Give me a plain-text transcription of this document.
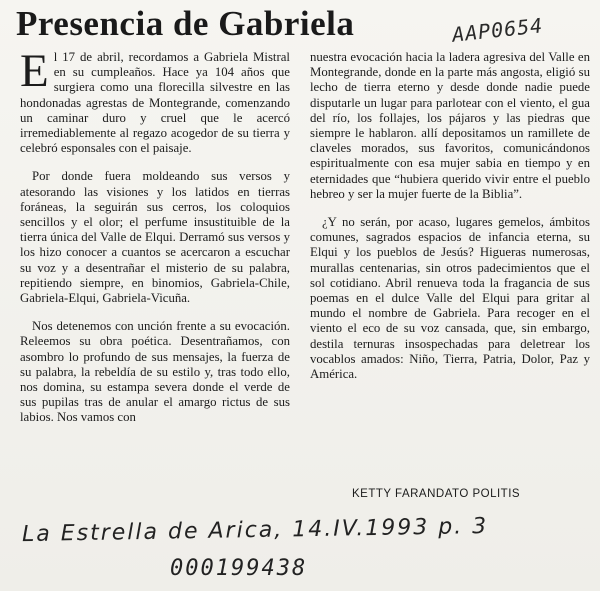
Presencia de Gabriela	AAP0654

El 17 de abril, recordamos a Gabriela Mistral en su cumpleaños. Hace ya 104 años que surgiera como una florecilla silvestre en las hondonadas agrestas de Montegrande, comenzando un caminar duro y cruel que le acercó irremediablemente al regazo acogedor de su tierra y celebró esponsales con el paisaje.

Por donde fuera moldeando sus versos y atesorando las visiones y los latidos en tierras foráneas, la seguirán sus cerros, los coloquios sencillos y el olor; el perfume insustituible de la tierra única del Valle de Elqui. Derramó sus versos y los hizo conocer a cuantos se acercaron a escuchar su voz y a desentrañar el misterio de su palabra, repitiendo siempre, en binomios, Gabriela-Chile, Gabriela-Elqui, Gabriela-Vicuña.

Nos detenemos con unción frente a su evocación. Releemos su obra poética. Desentrañamos, con asombro lo profundo de sus mensajes, la fuerza de su palabra, la rebeldía de su estilo y, tras todo ello, nos domina, su estampa severa donde el verde de sus pupilas tras de anular el amargo rictus de sus labios. Nos vamos con

nuestra evocación hacia la ladera agresiva del Valle en Montegrande, donde en la parte más angosta, eligió su lecho de tierra eterno y desde donde nadie puede disputarle un lugar para parlotear con el viento, el gua del río, los follajes, los pájaros y las piedras que siempre le hablaron. allí depositamos un ramillete de claveles morados, sus favoritos, comunicándonos espiritualmente con esa mujer sabia en tiempo y en eternidades que “hubiera querido vivir entre el pueblo hebreo y ser la mujer fuerte de la Biblia”.

¿Y no serán, por acaso, lugares gemelos, ámbitos comunes, sagrados espacios de infancia eterna, su Elqui y los pueblos de Jesús? Higueras numerosas, murallas centenarias, sin otros padecimientos que el sol cotidiano. Abril renueva toda la fragancia de sus poemas en el dulce Valle del Elqui para gritar al mundo el nombre de Gabriela. Para recoger en el viento el eco de su voz cansada, que, sin embargo, destila ternuras insospechadas para deletrear los vocablos amados: Niño, Tierra, Patria, Dolor, Paz y América.

KETTY FARANDATO POLITIS
La Estrella de Arica, 14.IV.1993 p. 3
000199438
